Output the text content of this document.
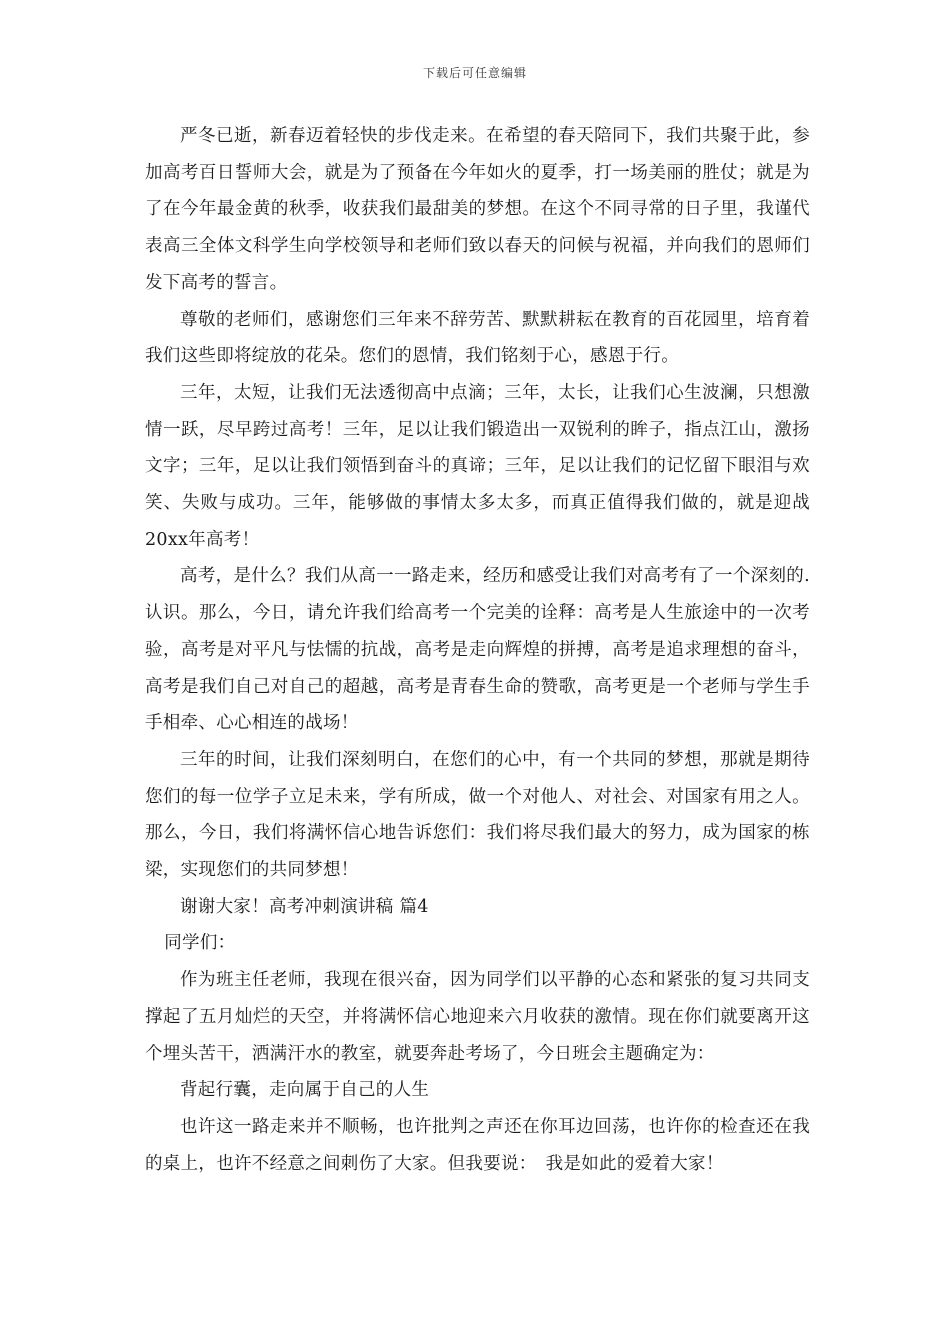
下载后可任意编辑

严冬已逝，新春迈着轻快的步伐走来。在希望的春天陪同下，我们共聚于此，参加高考百日誓师大会，就是为了预备在今年如火的夏季，打一场美丽的胜仗；就是为了在今年最金黄的秋季，收获我们最甜美的梦想。在这个不同寻常的日子里，我谨代表高三全体文科学生向学校领导和老师们致以春天的问候与祝福，并向我们的恩师们发下高考的誓言。

尊敬的老师们，感谢您们三年来不辞劳苦、默默耕耘在教育的百花园里，培育着我们这些即将绽放的花朵。您们的恩情，我们铭刻于心，感恩于行。

三年，太短，让我们无法透彻高中点滴；三年，太长，让我们心生波澜，只想激情一跃，尽早跨过高考！三年，足以让我们锻造出一双锐利的眸子，指点江山，激扬文字；三年，足以让我们领悟到奋斗的真谛；三年，足以让我们的记忆留下眼泪与欢笑、失败与成功。三年，能够做的事情太多太多，而真正值得我们做的，就是迎战20xx年高考！

高考，是什么？我们从高一一路走来，经历和感受让我们对高考有了一个深刻的.认识。那么，今日，请允许我们给高考一个完美的诠释：高考是人生旅途中的一次考验，高考是对平凡与怯懦的抗战，高考是走向辉煌的拼搏，高考是追求理想的奋斗，高考是我们自己对自己的超越，高考是青春生命的赞歌，高考更是一个老师与学生手手相牵、心心相连的战场！

三年的时间，让我们深刻明白，在您们的心中，有一个共同的梦想，那就是期待您们的每一位学子立足未来，学有所成，做一个对他人、对社会、对国家有用之人。那么，今日，我们将满怀信心地告诉您们：我们将尽我们最大的努力，成为国家的栋梁，实现您们的共同梦想！

谢谢大家！高考冲刺演讲稿 篇4

同学们：

作为班主任老师，我现在很兴奋，因为同学们以平静的心态和紧张的复习共同支撑起了五月灿烂的天空，并将满怀信心地迎来六月收获的激情。现在你们就要离开这个埋头苦干，洒满汗水的教室，就要奔赴考场了，今日班会主题确定为：

背起行囊，走向属于自己的人生

也许这一路走来并不顺畅，也许批判之声还在你耳边回荡，也许你的检查还在我的桌上，也许不经意之间刺伤了大家。但我要说：　我是如此的爱着大家！
